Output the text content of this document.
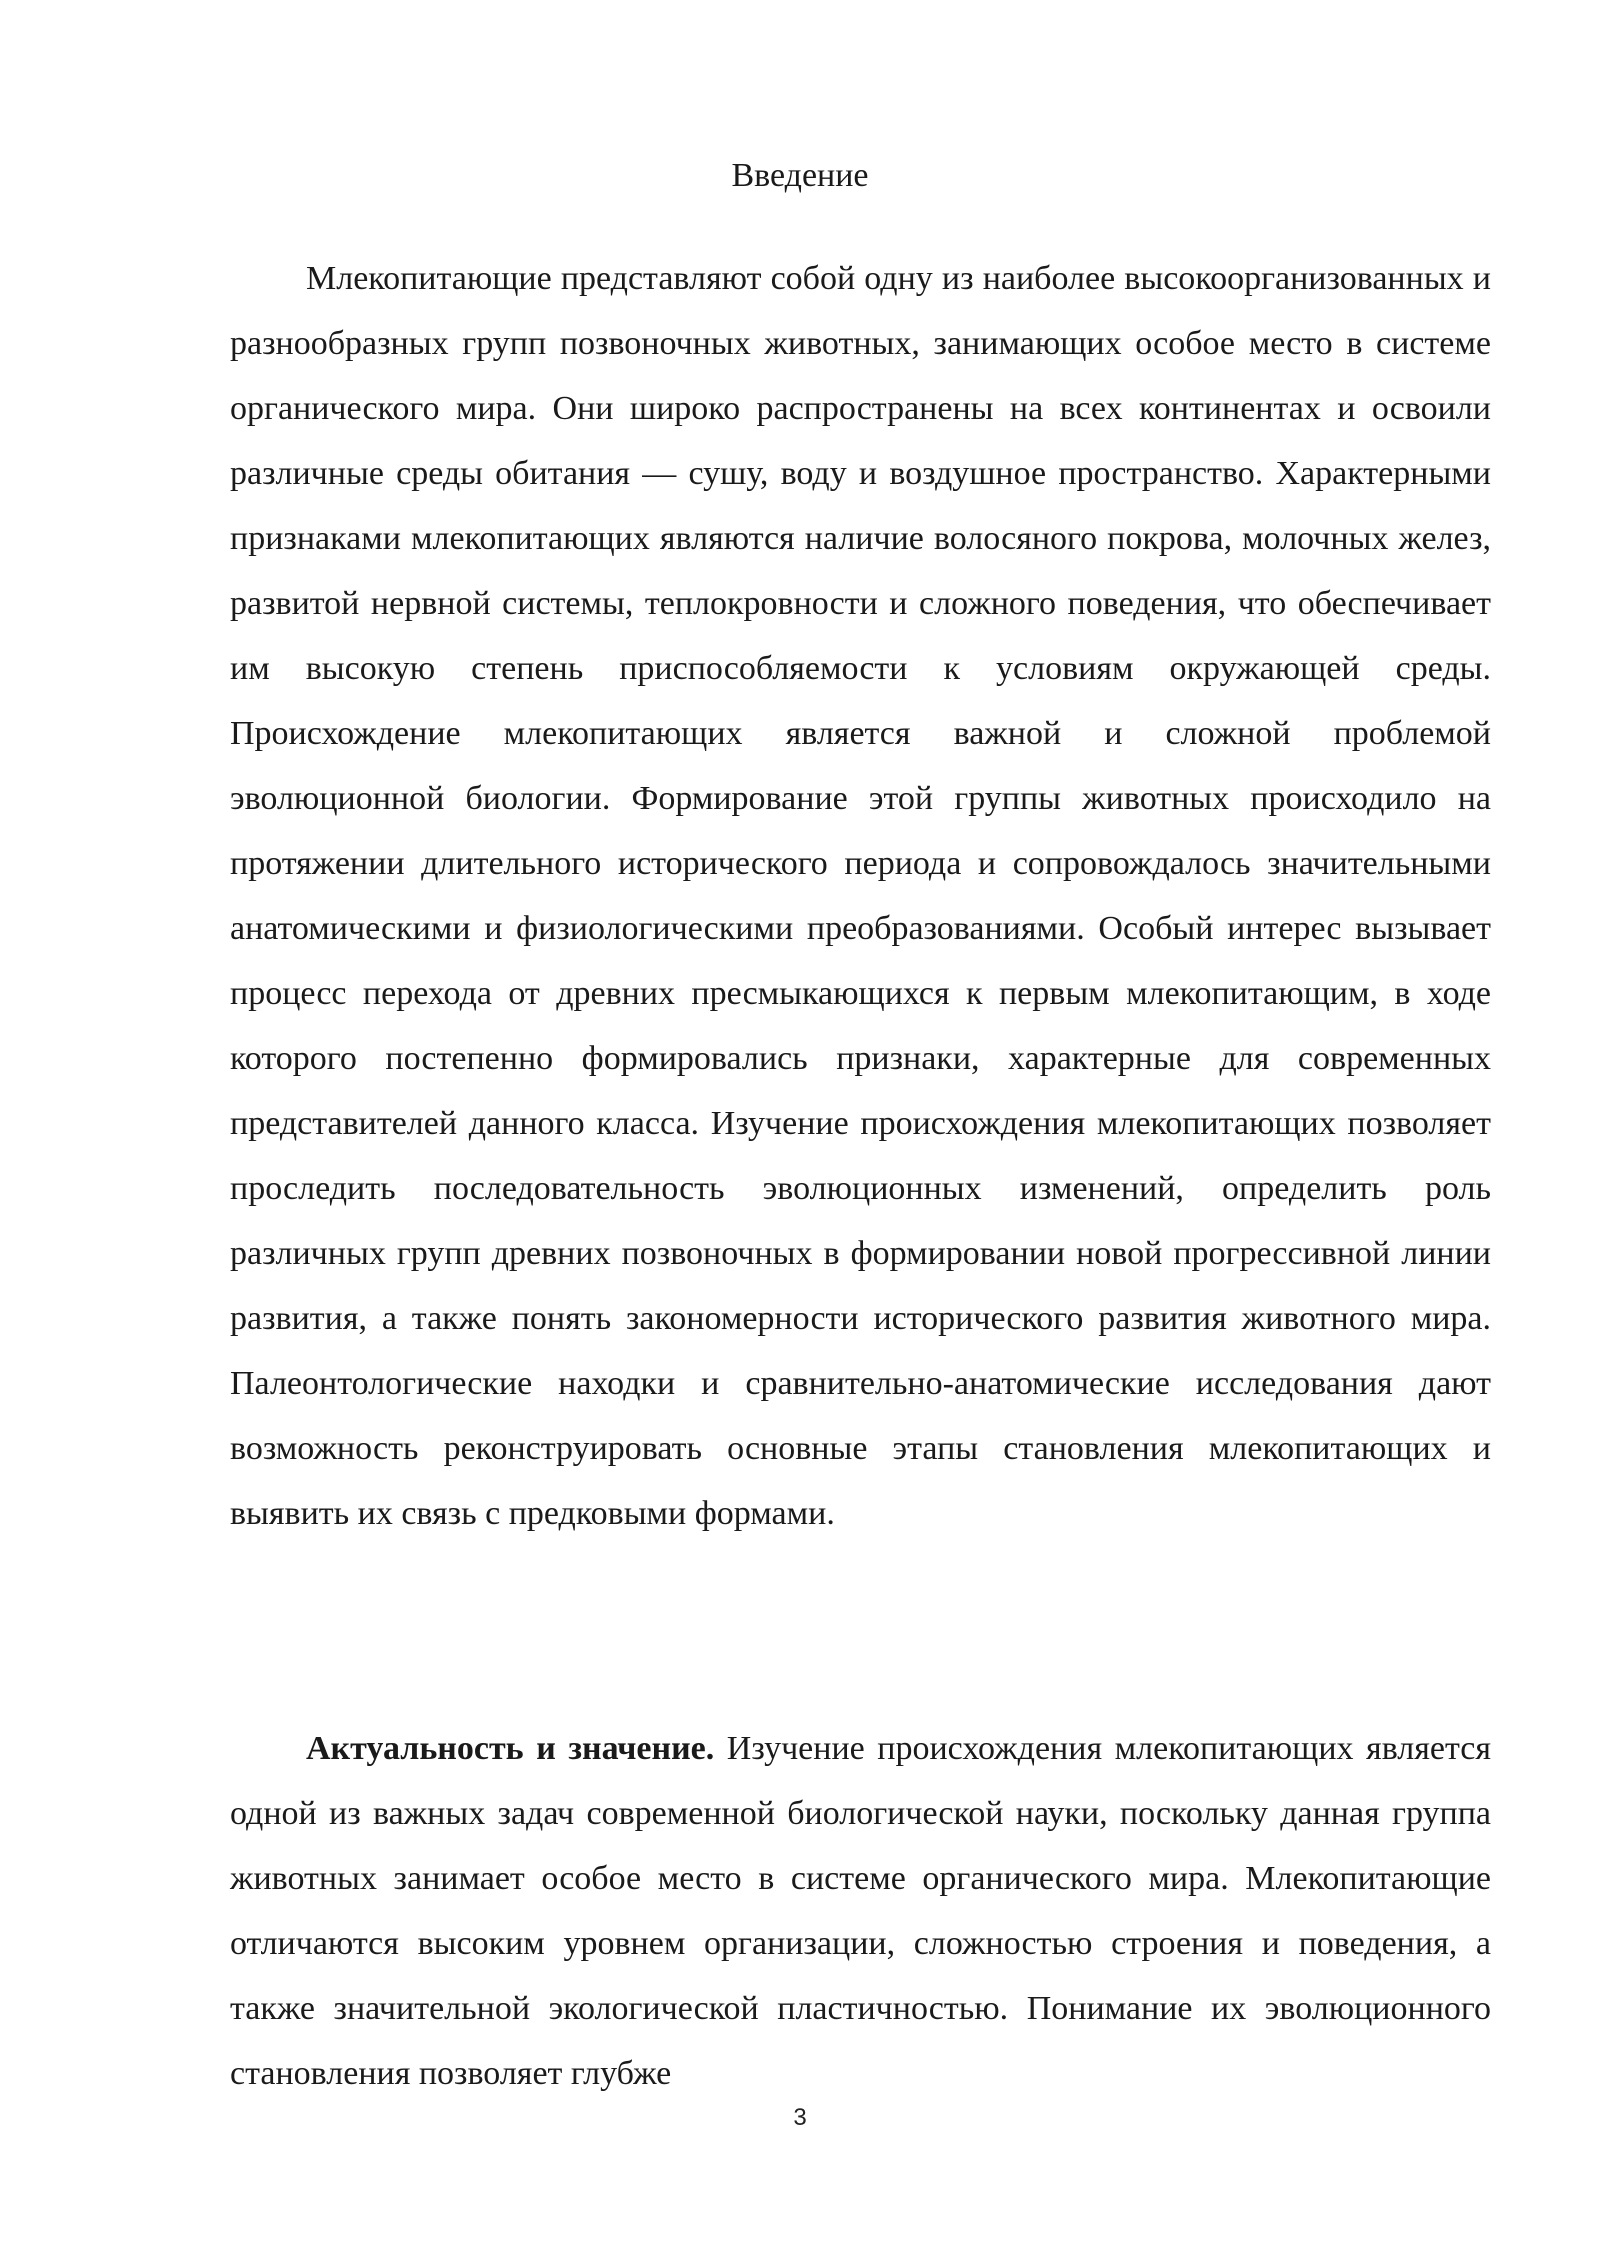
Введение

Млекопитающие представляют собой одну из наиболее высокоорганизованных и разнообразных групп позвоночных животных, занимающих особое место в системе органического мира. Они широко распространены на всех континентах и освоили различные среды обитания — сушу, воду и воздушное пространство. Характерными признаками млекопитающих являются наличие волосяного покрова, молочных желез, развитой нервной системы, теплокровности и сложного поведения, что обеспечивает им высокую степень приспособляемости к условиям окружающей среды. Происхождение млекопитающих является важной и сложной проблемой эволюционной биологии. Формирование этой группы животных происходило на протяжении длительного исторического периода и сопровождалось значительными анатомическими и физиологическими преобразованиями. Особый интерес вызывает процесс перехода от древних пресмыкающихся к первым млекопитающим, в ходе которого постепенно формировались признаки, характерные для современных представителей данного класса. Изучение происхождения млекопитающих позволяет проследить последовательность эволюционных изменений, определить роль различных групп древних позвоночных в формировании новой прогрессивной линии развития, а также понять закономерности исторического развития животного мира. Палеонтологические находки и сравнительно-анатомические исследования дают возможность реконструировать основные этапы становления млекопитающих и выявить их связь с предковыми формами.

Актуальность и значение. Изучение происхождения млекопитающих является одной из важных задач современной биологической науки, поскольку данная группа животных занимает особое место в системе органического мира. Млекопитающие отличаются высоким уровнем организации, сложностью строения и поведения, а также значительной экологической пластичностью. Понимание их эволюционного становления позволяет глубже

3
